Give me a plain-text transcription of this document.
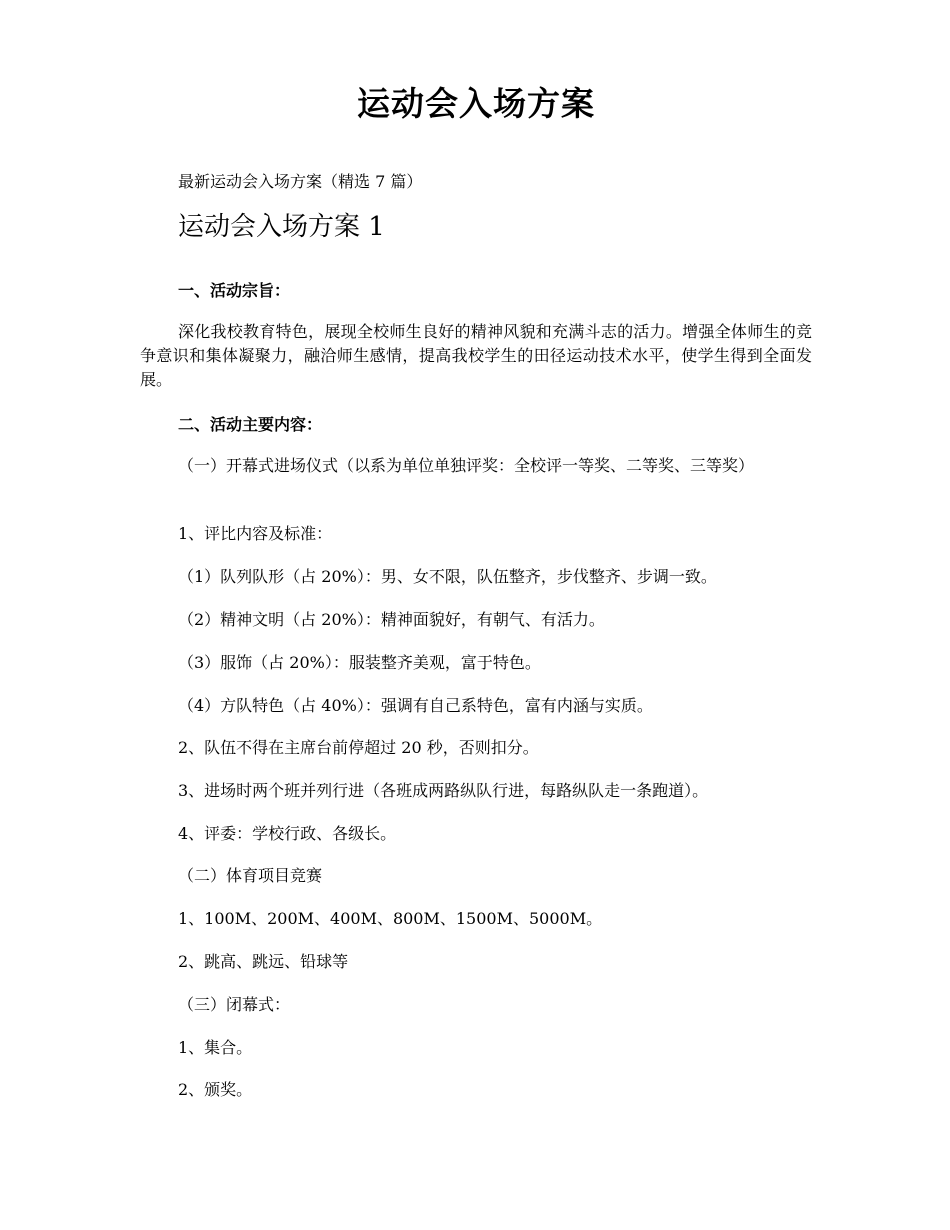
运动会入场方案
最新运动会入场方案（精选 7 篇）
运动会入场方案 1
一、活动宗旨：
深化我校教育特色，展现全校师生良好的精神风貌和充满斗志的活力。增强全体师生的竞争意识和集体凝聚力，融洽师生感情，提高我校学生的田径运动技术水平，使学生得到全面发展。
二、活动主要内容：
（一）开幕式进场仪式（以系为单位单独评奖：全校评一等奖、二等奖、三等奖）
1、评比内容及标准：
（1）队列队形（占 20%）：男、女不限，队伍整齐，步伐整齐、步调一致。
（2）精神文明（占 20%）：精神面貌好，有朝气、有活力。
（3）服饰（占 20%）：服装整齐美观，富于特色。
（4）方队特色（占 40%）：强调有自己系特色，富有内涵与实质。
2、队伍不得在主席台前停超过 20 秒，否则扣分。
3、进场时两个班并列行进（各班成两路纵队行进，每路纵队走一条跑道）。
4、评委：学校行政、各级长。
（二）体育项目竞赛
1、100M、200M、400M、800M、1500M、5000M。
2、跳高、跳远、铅球等
（三）闭幕式：
1、集合。
2、颁奖。
